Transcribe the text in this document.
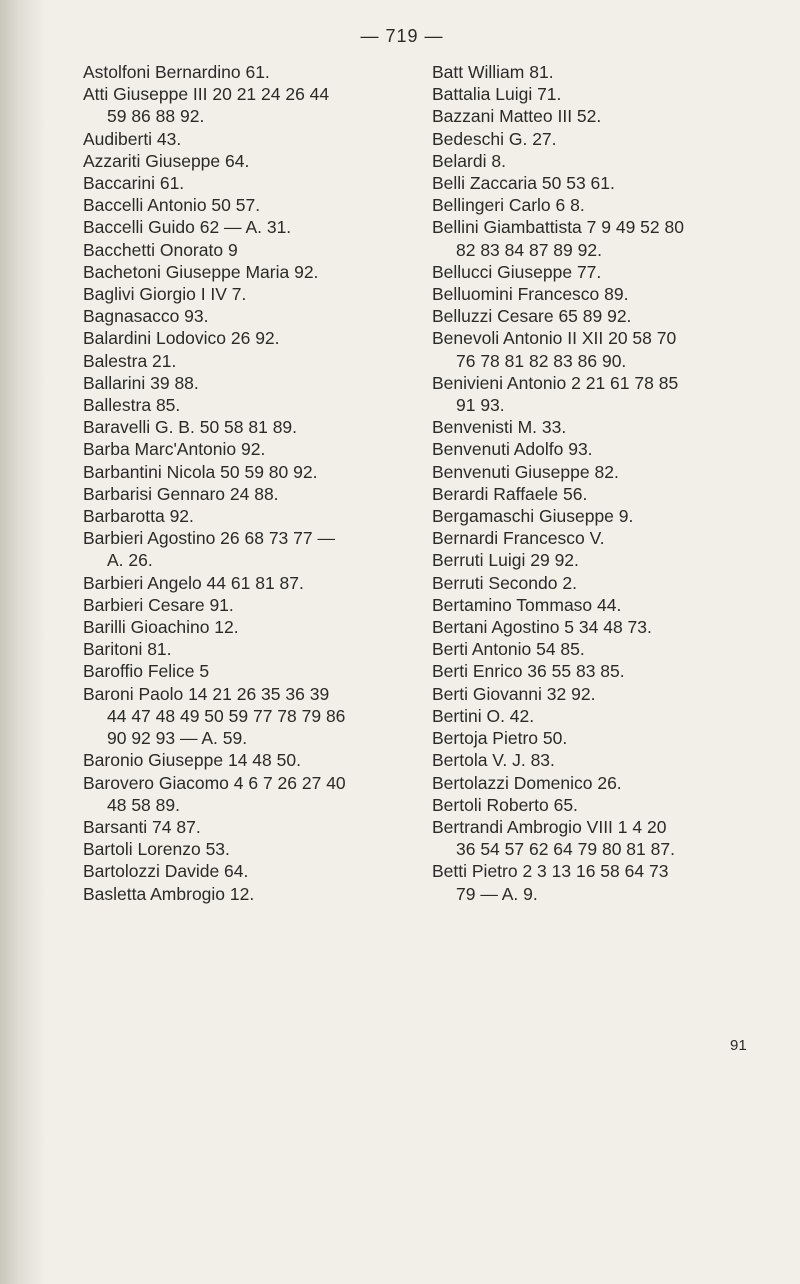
— 719 —
Astolfoni Bernardino 61.
Atti Giuseppe III 20 21 24 26 44
59 86 88 92.
Audiberti 43.
Azzariti Giuseppe 64.
Baccarini 61.
Baccelli Antonio 50 57.
Baccelli Guido 62 — A. 31.
Bacchetti Onorato 9
Bachetoni Giuseppe Maria 92.
Baglivi Giorgio I IV 7.
Bagnasacco 93.
Balardini Lodovico 26 92.
Balestra 21.
Ballarini 39 88.
Ballestra 85.
Baravelli G. B. 50 58 81 89.
Barba Marc'Antonio 92.
Barbantini Nicola 50 59 80 92.
Barbarisi Gennaro 24 88.
Barbarotta 92.
Barbieri Agostino 26 68 73 77 —
A. 26.
Barbieri Angelo 44 61 81 87.
Barbieri Cesare 91.
Barilli Gioachino 12.
Baritoni 81.
Baroffio Felice 5
Baroni Paolo 14 21 26 35 36 39
44 47 48 49 50 59 77 78 79 86
90 92 93 — A. 59.
Baronio Giuseppe 14 48 50.
Barovero Giacomo 4 6 7 26 27 40
48 58 89.
Barsanti 74 87.
Bartoli Lorenzo 53.
Bartolozzi Davide 64.
Basletta Ambrogio 12.
Batt William 81.
Battalia Luigi 71.
Bazzani Matteo III 52.
Bedeschi G. 27.
Belardi 8.
Belli Zaccaria 50 53 61.
Bellingeri Carlo 6 8.
Bellini Giambattista 7 9 49 52 80
82 83 84 87 89 92.
Bellucci Giuseppe 77.
Belluomini Francesco 89.
Belluzzi Cesare 65 89 92.
Benevoli Antonio II XII 20 58 70
76 78 81 82 83 86 90.
Benivieni Antonio 2 21 61 78 85
91 93.
Benvenisti M. 33.
Benvenuti Adolfo 93.
Benvenuti Giuseppe 82.
Berardi Raffaele 56.
Bergamaschi Giuseppe 9.
Bernardi Francesco V.
Berruti Luigi 29 92.
Berruti Secondo 2.
Bertamino Tommaso 44.
Bertani Agostino 5 34 48 73.
Berti Antonio 54 85.
Berti Enrico 36 55 83 85.
Berti Giovanni 32 92.
Bertini O. 42.
Bertoja Pietro 50.
Bertola V. J. 83.
Bertolazzi Domenico 26.
Bertoli Roberto 65.
Bertrandi Ambrogio VIII 1 4 20
36 54 57 62 64 79 80 81 87.
Betti Pietro 2 3 13 16 58 64 73
79 — A. 9.
91
